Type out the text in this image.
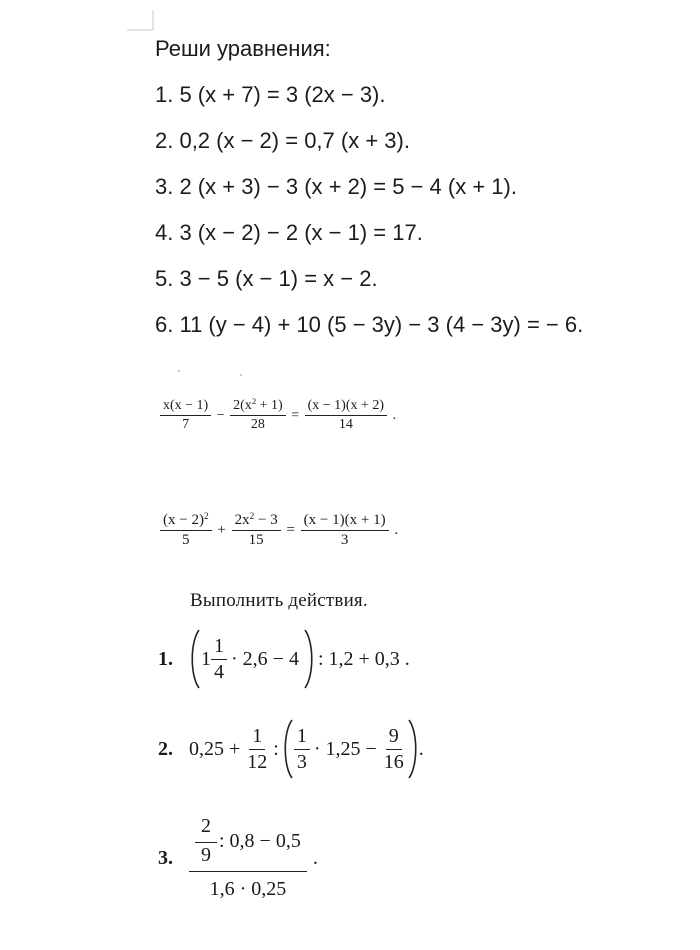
Реши уравнения:
1. 5 (x + 7) = 3 (2x − 3).
2. 0,2 (x − 2) = 0,7 (x + 3).
3. 2 (x + 3) − 3 (x + 2) = 5 − 4 (x + 1).
4. 3 (x − 2) − 2 (x − 1) = 17.
5. 3 − 5 (x − 1) = x − 2.
6. 11 (y − 4) + 10 (5 − 3y) − 3 (4 − 3y) = − 6.
$\frac{x(x - 1)}{7} - \frac{2(x^2 + 1)}{28} = \frac{(x - 1)(x + 2)}{14}$ .
$\frac{(x - 2)^2}{5} + \frac{2x^2 - 3}{15} = \frac{(x - 1)(x + 1)}{3}$ .
Выполнить действия.
1. $1 \frac{1}{4} \cdot 2,6 - 4$ : 1,2 + 0,3 .
2. $0,25 + \frac{1}{12}$ : $\frac{1}{3} \cdot 1,25 - \frac{9}{16}$ .
3. $\frac{\frac{2}{9} : 0,8 - 0,5}{1,6 \cdot 0,25}$ .
